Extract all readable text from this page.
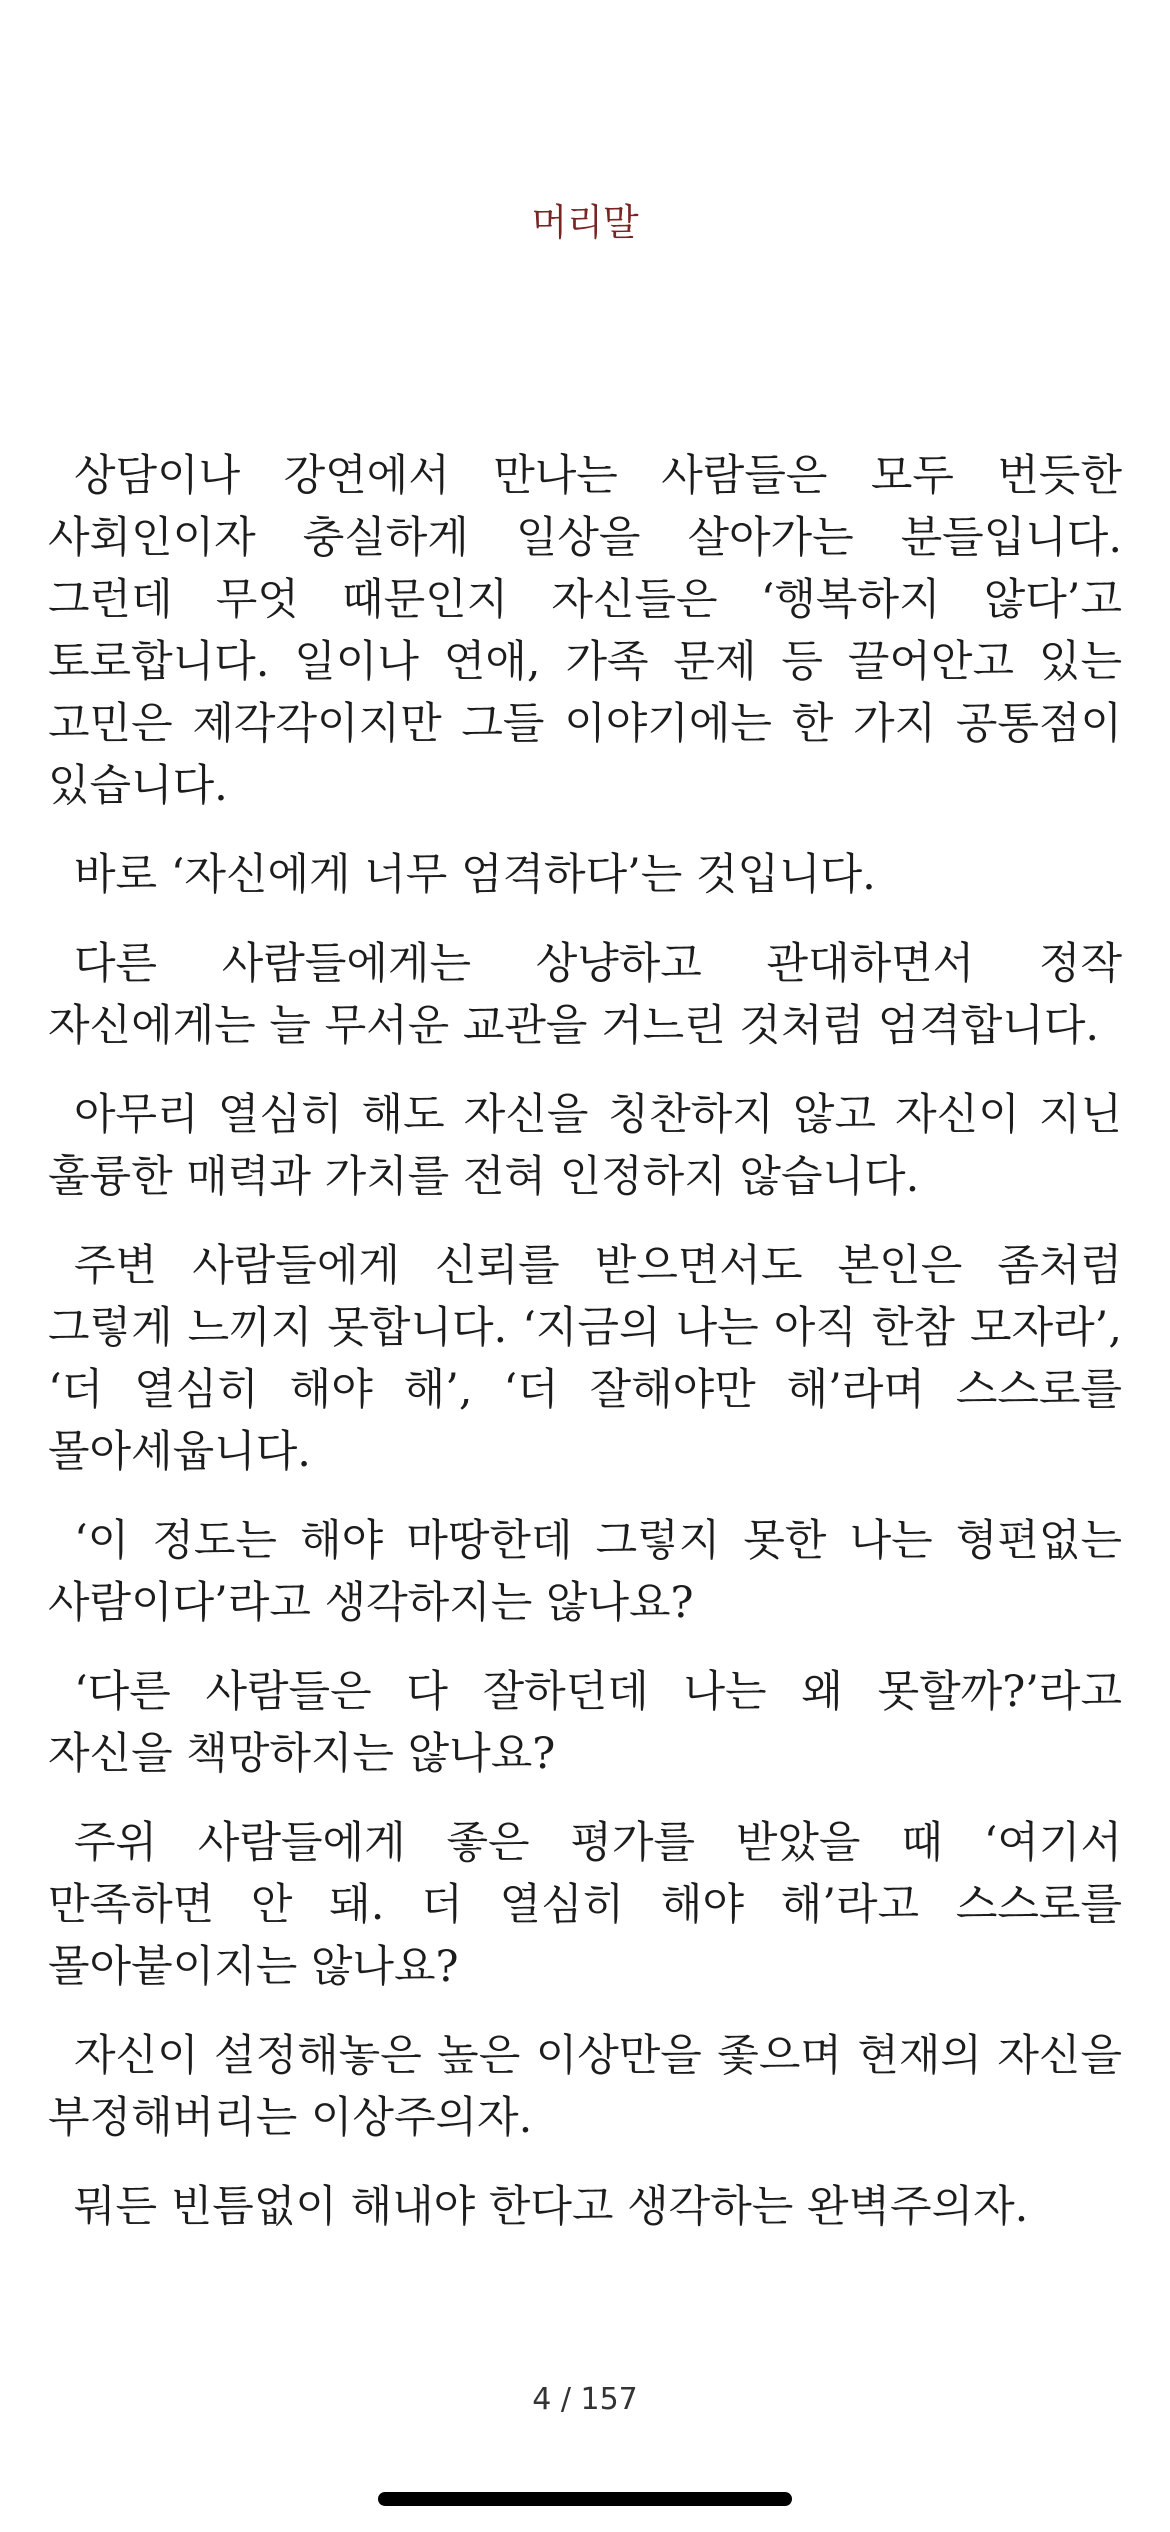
머리말

상담이나 강연에서 만나는 사람들은 모두 번듯한 사회인이자 충실하게 일상을 살아가는 분들입니다. 그런데 무엇 때문인지 자신들은 ‘행복하지 않다’고 토로합니다. 일이나 연애, 가족 문제 등 끌어안고 있는 고민은 제각각이지만 그들 이야기에는 한 가지 공통점이 있습니다.

바로 ‘자신에게 너무 엄격하다’는 것입니다.

다른 사람들에게는 상냥하고 관대하면서 정작 자신에게는 늘 무서운 교관을 거느린 것처럼 엄격합니다.

아무리 열심히 해도 자신을 칭찬하지 않고 자신이 지닌 훌륭한 매력과 가치를 전혀 인정하지 않습니다.

주변 사람들에게 신뢰를 받으면서도 본인은 좀처럼 그렇게 느끼지 못합니다. ‘지금의 나는 아직 한참 모자라’, ‘더 열심히 해야 해’, ‘더 잘해야만 해’라며 스스로를 몰아세웁니다.

‘이 정도는 해야 마땅한데 그렇지 못한 나는 형편없는 사람이다’라고 생각하지는 않나요?

‘다른 사람들은 다 잘하던데 나는 왜 못할까?’라고 자신을 책망하지는 않나요?

주위 사람들에게 좋은 평가를 받았을 때 ‘여기서 만족하면 안 돼. 더 열심히 해야 해’라고 스스로를 몰아붙이지는 않나요?

자신이 설정해놓은 높은 이상만을 좇으며 현재의 자신을 부정해버리는 이상주의자.

뭐든 빈틈없이 해내야 한다고 생각하는 완벽주의자.

4 / 157
